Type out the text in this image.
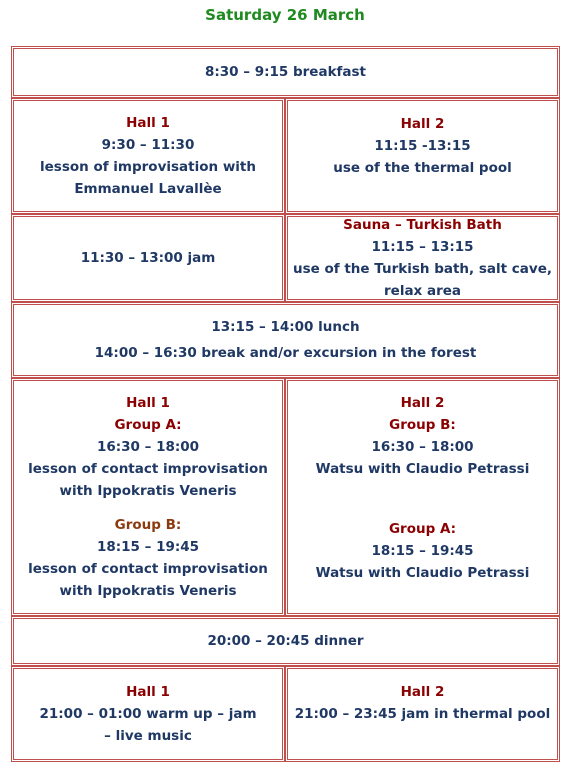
Saturday 26 March
8:30 – 9:15 breakfast
Hall 1
9:30 – 11:30
lesson of improvisation with
Emmanuel Lavallèe
Hall 2
11:15 -13:15
use of the thermal pool
11:30 – 13:00 jam
Sauna – Turkish Bath
11:15 – 13:15
use of the Turkish bath, salt cave,
relax area
13:15 – 14:00 lunch
14:00 – 16:30 break and/or excursion in the forest
Hall 1
Group A:
16:30 – 18:00
lesson of contact improvisation
with Ippokratis Veneris
Group B:
18:15 – 19:45
lesson of contact improvisation
with Ippokratis Veneris
Hall 2
Group B:
16:30 – 18:00
Watsu with Claudio Petrassi
Group A:
18:15 – 19:45
Watsu with Claudio Petrassi
20:00 – 20:45 dinner
Hall 1
21:00 – 01:00 warm up – jam
– live music
Hall 2
21:00 – 23:45 jam in thermal pool
